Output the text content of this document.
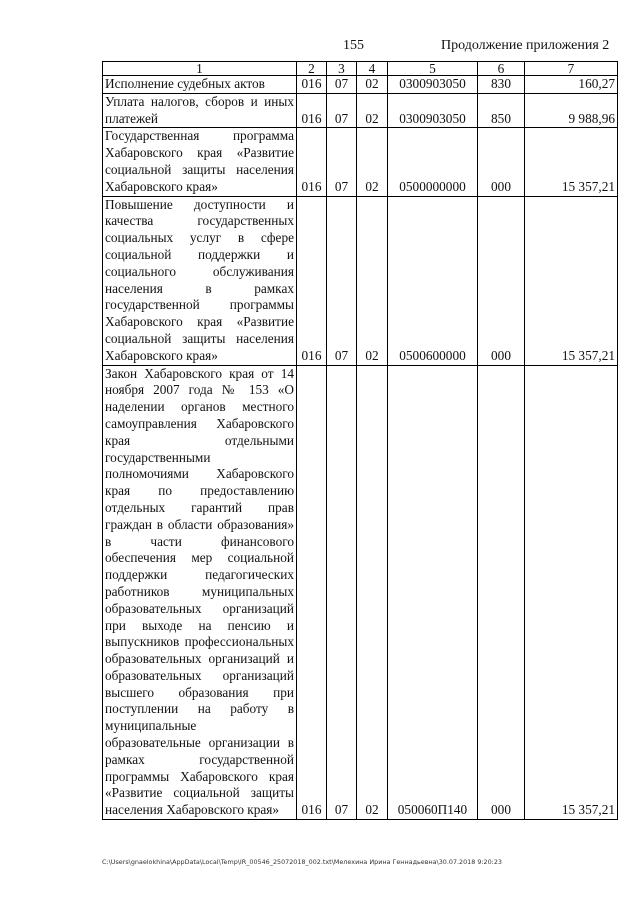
155	Продолжение приложения 2
1	2	3	4	5	6	7
Исполнение судебных актов	016	07	02	0300903050	830	160,27
Уплата налогов, сборов и иных платежей	016	07	02	0300903050	850	9 988,96
Государственная программа Хабаровского края «Развитие социальной защиты населения Хабаровского края»	016	07	02	0500000000	000	15 357,21
Повышение доступности и качества государственных социальных услуг в сфере социальной поддержки и социального обслуживания населения в рамках государственной программы Хабаровского края «Развитие социальной защиты населения Хабаровского края»	016	07	02	0500600000	000	15 357,21
Закон Хабаровского края от 14 ноября 2007 года № 153 «О наделении органов местного самоуправления Хабаровского края отдельными государственными полномочиями Хабаровского края по предоставлению отдельных гарантий прав граждан в области образования» в части финансового обеспечения мер социальной поддержки педагогических работников муниципальных образовательных организаций при выходе на пенсию и выпускников профессиональных образовательных организаций и образовательных организаций высшего образования при поступлении на работу в муниципальные образовательные организации в рамках государственной программы Хабаровского края «Развитие социальной защиты населения Хабаровского края»	016	07	02	050060П140	000	15 357,21
C:\Users\gnaelokhina\AppData\Local\Temp\IR_00546_25072018_002.txt\Мелехина Ирина Геннадьевна\30.07.2018 9:20:23
